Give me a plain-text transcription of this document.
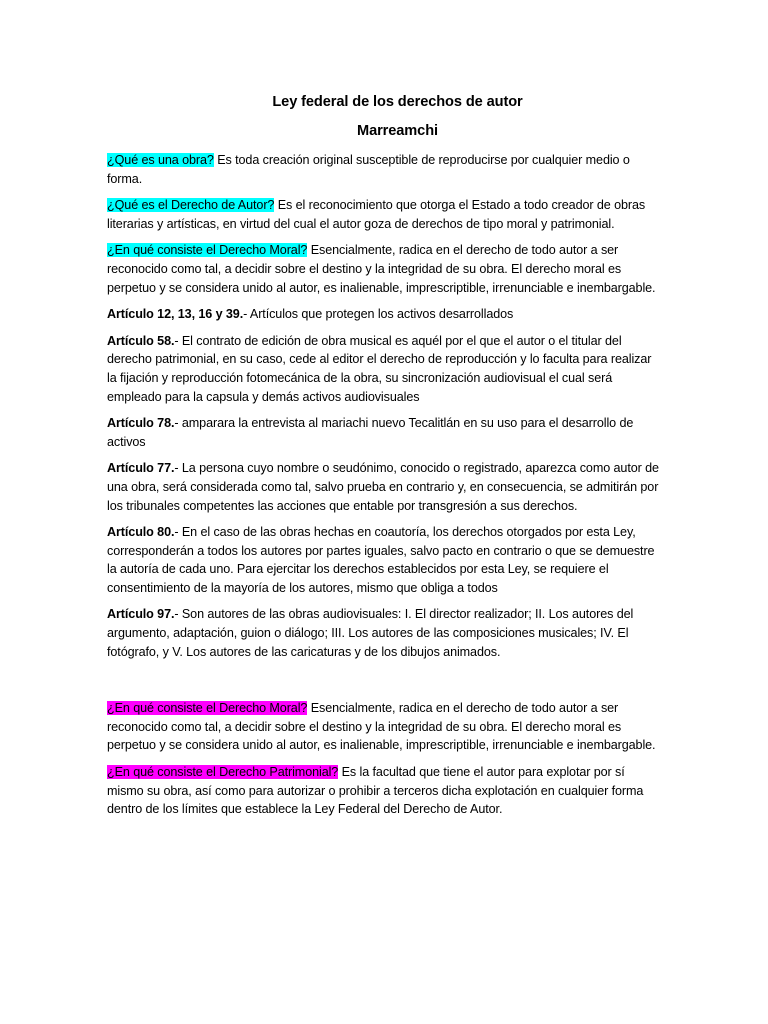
Ley federal de los derechos de autor
Marreamchi

¿Qué es una obra? Es toda creación original susceptible de reproducirse por cualquier medio o forma.

¿Qué es el Derecho de Autor? Es el reconocimiento que otorga el Estado a todo creador de obras literarias y artísticas, en virtud del cual el autor goza de derechos de tipo moral y patrimonial.

¿En qué consiste el Derecho Moral? Esencialmente, radica en el derecho de todo autor a ser reconocido como tal, a decidir sobre el destino y la integridad de su obra. El derecho moral es perpetuo y se considera unido al autor, es inalienable, imprescriptible, irrenunciable e inembargable.

Artículo 12, 13, 16 y 39.- Artículos que protegen los activos desarrollados

Artículo 58.- El contrato de edición de obra musical es aquél por el que el autor o el titular del derecho patrimonial, en su caso, cede al editor el derecho de reproducción y lo faculta para realizar la fijación y reproducción fotomecánica de la obra, su sincronización audiovisual el cual será empleado para la capsula y demás activos audiovisuales

Artículo 78.- amparara la entrevista al mariachi nuevo Tecalitlán en su uso para el desarrollo de activos

Artículo 77.- La persona cuyo nombre o seudónimo, conocido o registrado, aparezca como autor de una obra, será considerada como tal, salvo prueba en contrario y, en consecuencia, se admitirán por los tribunales competentes las acciones que entable por transgresión a sus derechos.

Artículo 80.- En el caso de las obras hechas en coautoría, los derechos otorgados por esta Ley, corresponderán a todos los autores por partes iguales, salvo pacto en contrario o que se demuestre la autoría de cada uno. Para ejercitar los derechos establecidos por esta Ley, se requiere el consentimiento de la mayoría de los autores, mismo que obliga a todos

Artículo 97.- Son autores de las obras audiovisuales: I. El director realizador; II. Los autores del argumento, adaptación, guion o diálogo; III. Los autores de las composiciones musicales; IV. El fotógrafo, y V. Los autores de las caricaturas y de los dibujos animados.

¿En qué consiste el Derecho Moral? Esencialmente, radica en el derecho de todo autor a ser reconocido como tal, a decidir sobre el destino y la integridad de su obra. El derecho moral es perpetuo y se considera unido al autor, es inalienable, imprescriptible, irrenunciable e inembargable.

¿En qué consiste el Derecho Patrimonial? Es la facultad que tiene el autor para explotar por sí mismo su obra, así como para autorizar o prohibir a terceros dicha explotación en cualquier forma dentro de los límites que establece la Ley Federal del Derecho de Autor.
